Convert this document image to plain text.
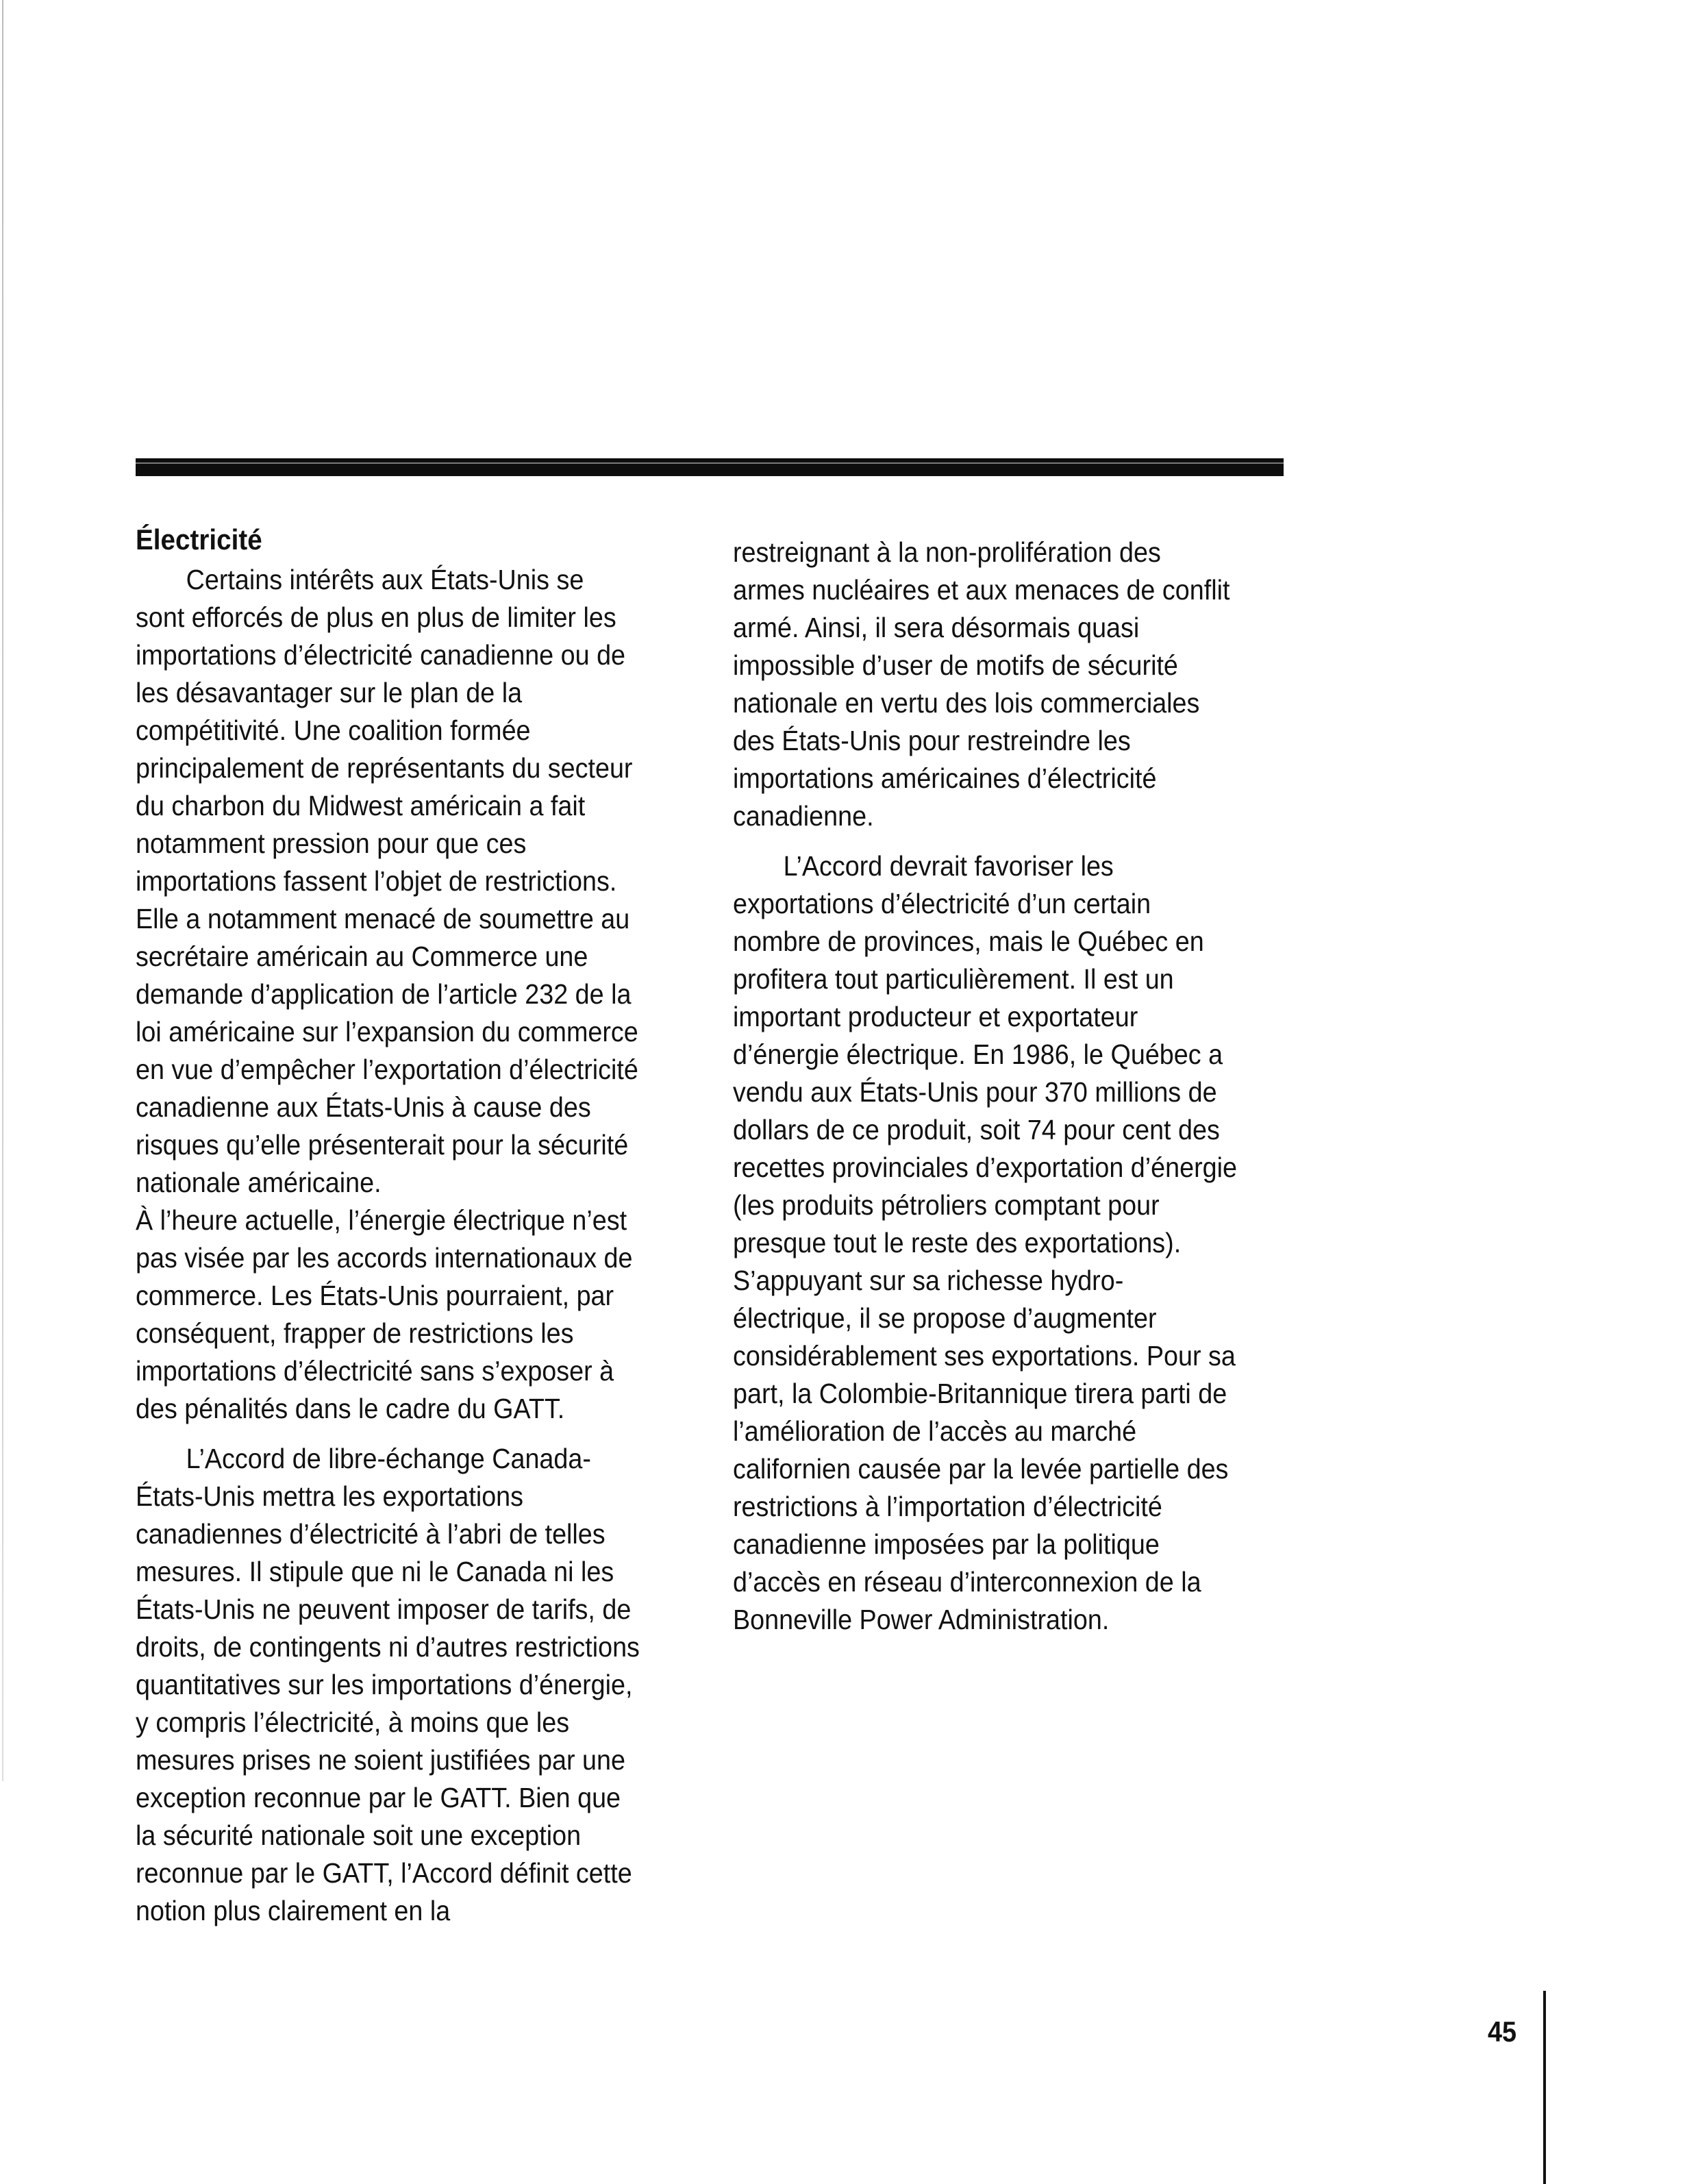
Électricité

Certains intérêts aux États-Unis se sont efforcés de plus en plus de limiter les importations d’électricité canadienne ou de les désavantager sur le plan de la compétitivité. Une coalition formée principalement de représentants du secteur du charbon du Midwest américain a fait notamment pression pour que ces importations fassent l’objet de restrictions. Elle a notamment menacé de soumettre au secrétaire américain au Commerce une demande d’application de l’article 232 de la loi américaine sur l’expansion du commerce en vue d’empêcher l’exportation d’électricité canadienne aux États-Unis à cause des risques qu’elle présenterait pour la sécurité nationale américaine.

À l’heure actuelle, l’énergie électrique n’est pas visée par les accords internationaux de commerce. Les États-Unis pourraient, par conséquent, frapper de restrictions les importations d’électricité sans s’exposer à des pénalités dans le cadre du GATT.

L’Accord de libre-échange Canada-États-Unis mettra les exportations canadiennes d’électricité à l’abri de telles mesures. Il stipule que ni le Canada ni les États-Unis ne peuvent imposer de tarifs, de droits, de contingents ni d’autres restrictions quantitatives sur les importations d’énergie, y compris l’électricité, à moins que les mesures prises ne soient justifiées par une exception reconnue par le GATT. Bien que la sécurité nationale soit une exception reconnue par le GATT, l’Accord définit cette notion plus clairement en la

restreignant à la non-prolifération des armes nucléaires et aux menaces de conflit armé. Ainsi, il sera désormais quasi impossible d’user de motifs de sécurité nationale en vertu des lois commerciales des États-Unis pour restreindre les importations américaines d’électricité canadienne.

L’Accord devrait favoriser les exportations d’électricité d’un certain nombre de provinces, mais le Québec en profitera tout particulièrement. Il est un important producteur et exportateur d’énergie électrique. En 1986, le Québec a vendu aux États-Unis pour 370 millions de dollars de ce produit, soit 74 pour cent des recettes provinciales d’exportation d’énergie (les produits pétroliers comptant pour presque tout le reste des exportations). S’appuyant sur sa richesse hydro-électrique, il se propose d’augmenter considérablement ses exportations. Pour sa part, la Colombie-Britannique tirera parti de l’amélioration de l’accès au marché californien causée par la levée partielle des restrictions à l’importation d’électricité canadienne imposées par la politique d’accès en réseau d’interconnexion de la Bonneville Power Administration.

45
